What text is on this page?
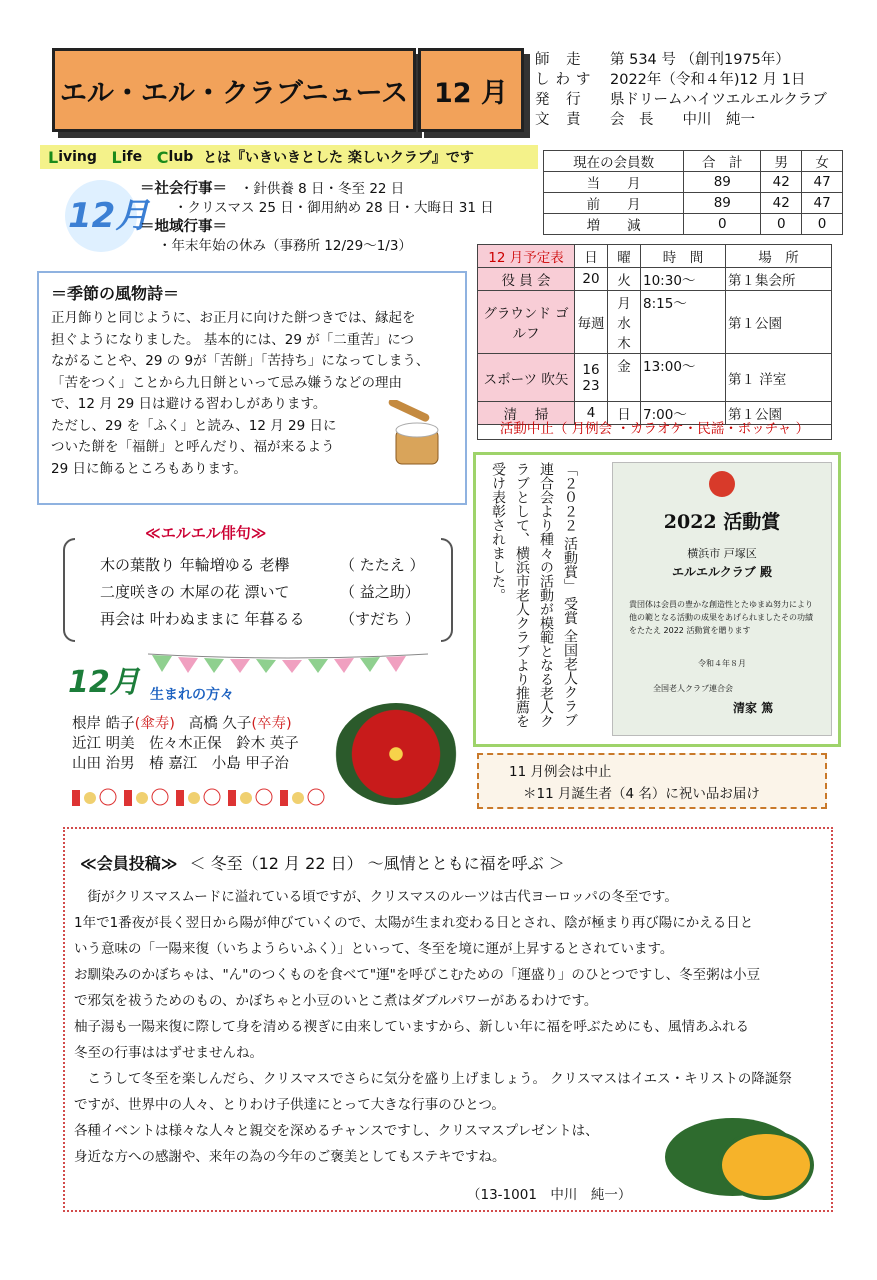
エル・エル・クラブニュース 12 月
師 走	第 534 号 （創刊1975年）
しわす 2022年（令和４年)12 月 1日
発 行	県ドリームハイツエルエルクラブ
文 責	会　長　　中川　純一
L iving
L ife
C lub
とは『いきいきとした 楽しいクラブ』です	現在の会員数	合　計	男	女
当　　月	89	42	47
前　　月	89	42	47
増　　減	0	0	0
12月
＝社会行事＝ ・針供養 8 日・冬至 22 日
・クリスマス 25 日・御用納め 28 日・大晦日 31 日
＝地域行事＝
・年末年始の休み（事務所 12/29～1/3）
12 月予定表	日	曜	時　間	場　所
役 員 会	20	火	10:30～	第１集会所
グラウンド ゴルフ	毎週	月 水 木	8:15～	第１公園
スポーツ 吹矢	16 23	金	13:00～	第１ 洋室
清　 掃	4	日	7:00～	第１公園
活動中止（ 月例会 ・カラオケ・民謡・ボッチャ ）
＝季節の風物詩＝

正月飾りと同じように、お正月に向けた餅つきでは、縁起を

担ぐようになりました。 基本的には、29 が「二重苦」につ

ながることや、29 の 9が「苦餅」「苦持ち」になってしまう、

「苦をつく」ことから九日餅といって忌み嫌うなどの理由

で、12 月 29 日は避ける習わしがあります。

ただし、29 を「ふく」と読み、12 月 29 日に

ついた餅を「福餅」と呼んだり、福が来るよう

29 日に飾るところもあります。

≪エルエル俳句≫
木の葉散り 年輪増ゆる 老欅	（ たたえ ）
二度咲きの 木犀の花 漂いて	（ 益之助）
再会は 叶わぬままに 年暮るる	（すだち ）
12月 生まれの方々
根岸 皓子(傘寿) 高橋 久子(卒寿)
近江 明美　佐々木正保　鈴木 英子
山田 治男　椿 嘉江　小島 甲子治
「２０２２ 活動賞」 受賞 全国老人クラブ連合会より種々の活動が模範となる老人クラブとして、横浜市老人クラブより推薦を受け表彰されました。	2022 活動賞
横浜市 戸塚区
エルエルクラブ 殿
貴団体は会員の豊かな創造性とたゆまぬ努力により他の範となる活動の成果をあげられましたその功績をたたえ 2022 活動賞を贈ります
令和４年８月
全国老人クラブ連合会
清家 篤
11 月例会は中止
＊11 月誕生者（4 名）に祝い品お届け
≪会員投稿≫ ＜ 冬至（12 月 22 日） ～風情とともに福を呼ぶ ＞

　街がクリスマスムードに溢れている頃ですが、クリスマスのルーツは古代ヨーロッパの冬至です。

1年で1番夜が長く翌日から陽が伸びていくので、太陽が生まれ変わる日とされ、陰が極まり再び陽にかえる日と

いう意味の「一陽来復（いちようらいふく）」といって、冬至を境に運が上昇するとされています。

お馴染みのかぼちゃは、"ん"のつくものを食べて"運"を呼びこむための「運盛り」のひとつですし、冬至粥は小豆

で邪気を祓うためのもの、かぼちゃと小豆のいとこ煮はダブルパワーがあるわけです。

柚子湯も一陽来復に際して身を清める禊ぎに由来していますから、新しい年に福を呼ぶためにも、風情あふれる

冬至の行事ははずせませんね。

　こうして冬至を楽しんだら、クリスマスでさらに気分を盛り上げましょう。 クリスマスはイエス・キリストの降誕祭

ですが、世界中の人々、とりわけ子供達にとって大きな行事のひとつ。

各種イベントは様々な人々と親交を深めるチャンスですし、クリスマスプレゼントは、

身近な方への感謝や、来年の為の今年のご褒美としてもステキですね。

（13-1001　中川　純一）
